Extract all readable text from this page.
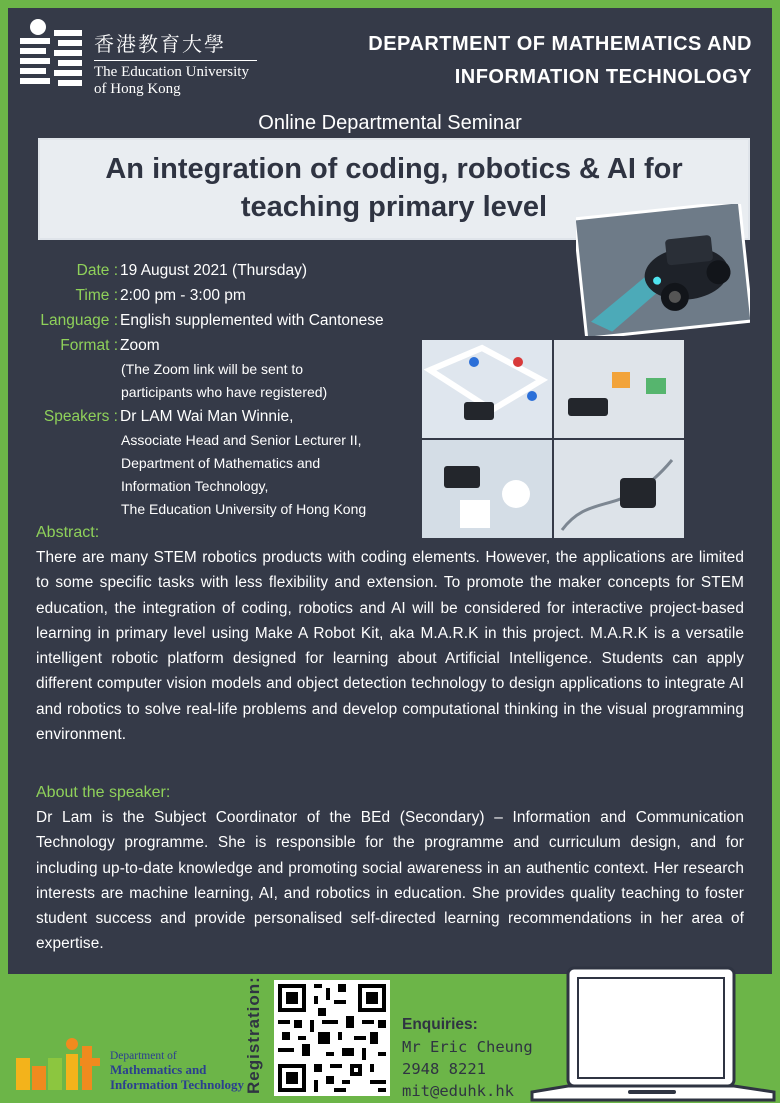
香港教育大學
The Education University
of Hong Kong
DEPARTMENT OF MATHEMATICS AND
INFORMATION TECHNOLOGY
Online Departmental Seminar
An integration of coding, robotics & AI for
teaching primary level
Date : 19 August 2021 (Thursday)
Time : 2:00 pm - 3:00 pm
Language : English supplemented with Cantonese
Format : Zoom
(The Zoom link will be sent to
participants who have registered)
Speakers : Dr LAM Wai Man Winnie,
Associate Head and Senior Lecturer II,
Department of Mathematics and
Information Technology,
The Education University of Hong Kong
Abstract:
There are many STEM robotics products with coding elements. However, the applications are limited to some specific tasks with less flexibility and extension. To promote the maker concepts for STEM education, the integration of coding, robotics and AI will be considered for interactive project-based learning in primary level using Make A Robot Kit, aka M.A.R.K in this project. M.A.R.K is a versatile intelligent robotic platform designed for learning about Artificial Intelligence. Students can apply different computer vision models and object detection technology to design applications to integrate AI and robotics to solve real-life problems and develop computational thinking in the visual programming environment.
About the speaker:
Dr Lam is the Subject Coordinator of the BEd (Secondary) – Information and Communication Technology programme. She is responsible for the programme and curriculum design, and for including up-to-date knowledge and promoting social awareness in an authentic context. Her research interests are machine learning, AI, and robotics in education. She provides quality teaching to foster student success and provide personalised self-directed learning recommendations in her area of expertise.
Registration:	Enquiries:
Mr Eric Cheung
2948 8221
mit@eduhk.hk
Department of
Mathematics and
Information Technology
